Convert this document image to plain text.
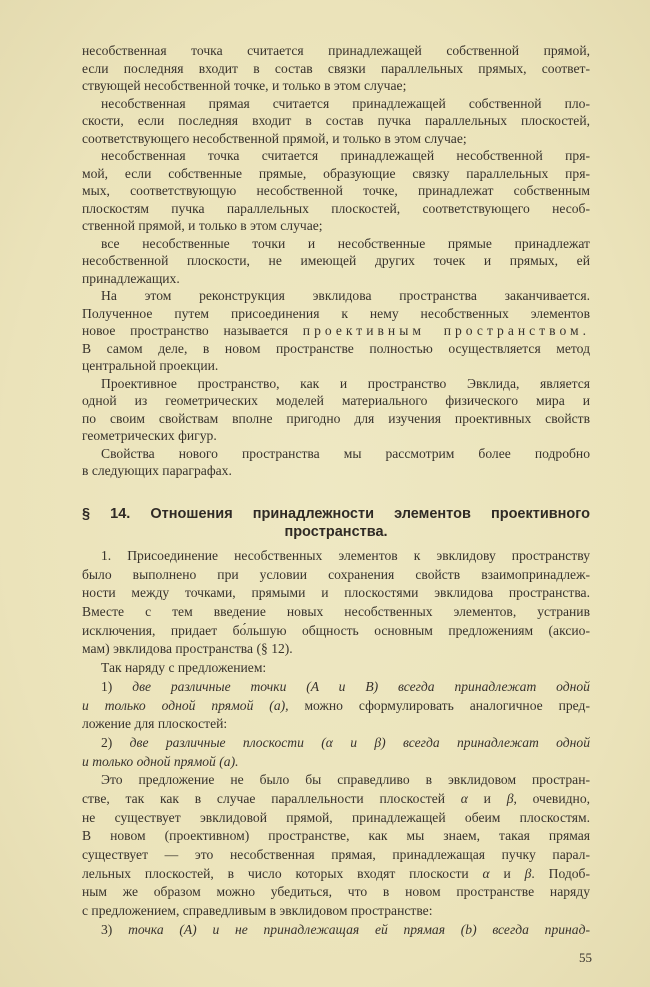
несобственная точка считается принадлежащей собственной прямой,
если последняя входит в состав связки параллельных прямых, соответ-
ствующей несобственной точке, и только в этом случае;
несобственная прямая считается принадлежащей собственной пло-
скости, если последняя входит в состав пучка параллельных плоскостей,
соответствующего несобственной прямой, и только в этом случае;
несобственная точка считается принадлежащей несобственной пря-
мой, если собственные прямые, образующие связку параллельных пря-
мых, соответствующую несобственной точке, принадлежат собственным
плоскостям пучка параллельных плоскостей, соответствующего несоб-
ственной прямой, и только в этом случае;
все несобственные точки и несобственные прямые принадлежат
несобственной плоскости, не имеющей других точек и прямых, ей
принадлежащих.
На этом реконструкция эвклидова пространства заканчивается.
Полученное путем присоединения к нему несобственных элементов
новое пространство называется проективным пространством.
В самом деле, в новом пространстве полностью осуществляется метод
центральной проекции.
Проективное пространство, как и пространство Эвклида, является
одной из геометрических моделей материального физического мира и
по своим свойствам вполне пригодно для изучения проективных свойств
геометрических фигур.
Свойства нового пространства мы рассмотрим более подробно
в следующих параграфах.
§ 14. Отношения принадлежности элементов проективного
пространства.
1. Присоединение несобственных элементов к эвклидову пространству
было выполнено при условии сохранения свойств взаимопринадлеж-
ности между точками, прямыми и плоскостями эвклидова пространства.
Вместе с тем введение новых несобственных элементов, устранив
исключения, придает бо́льшую общность основным предложениям (аксио-
мам) эвклидова пространства (§ 12).
Так наряду с предложением:
1) две различные точки (A и B) всегда принадлежат одной
и только одной прямой (a), можно сформулировать аналогичное пред-
ложение для плоскостей:
2) две различные плоскости (α и β) всегда принадлежат одной
и только одной прямой (a).
Это предложение не было бы справедливо в эвклидовом простран-
стве, так как в случае параллельности плоскостей α и β, очевидно,
не существует эвклидовой прямой, принадлежащей обеим плоскостям.
В новом (проективном) пространстве, как мы знаем, такая прямая
существует — это несобственная прямая, принадлежащая пучку парал-
лельных плоскостей, в число которых входят плоскости α и β. Подоб-
ным же образом можно убедиться, что в новом пространстве наряду
с предложением, справедливым в эвклидовом пространстве:
3) точка (A) и не принадлежащая ей прямая (b) всегда принад-
55
